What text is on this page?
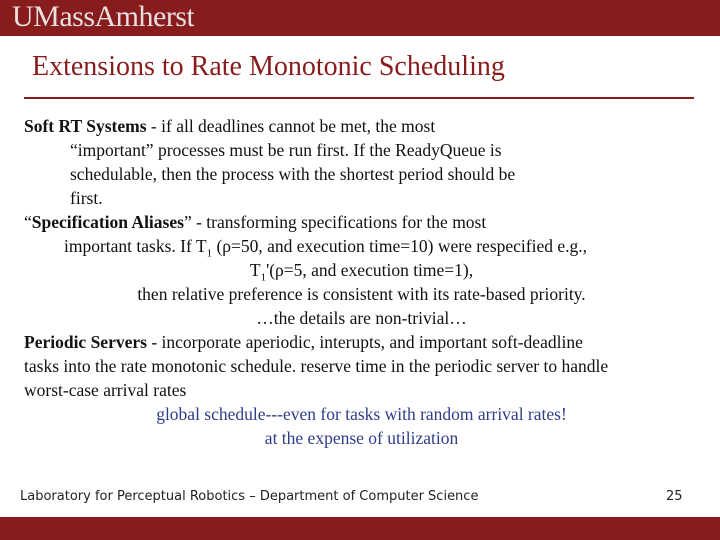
UMassAmherst
Extensions to Rate Monotonic Scheduling
Soft RT Systems - if all deadlines cannot be met, the most
“important” processes must be run first. If the ReadyQueue is
schedulable, then the process with the shortest period should be
first.
“Specification Aliases” - transforming specifications for the most
important tasks. If $T_1$ (ρ=50, and execution time=10) were respecified e.g.,
$T_1'(\rho=5$, and execution time=1),
then relative preference is consistent with its rate-based priority.
…the details are non-trivial…
Periodic Servers - incorporate aperiodic, interupts, and important soft-deadline
tasks into the rate monotonic schedule. reserve time in the periodic server to handle
worst-case arrival rates
global schedule---even for tasks with random arrival rates!
at the expense of utilization
Laboratory for Perceptual Robotics – Department of Computer Science	25
